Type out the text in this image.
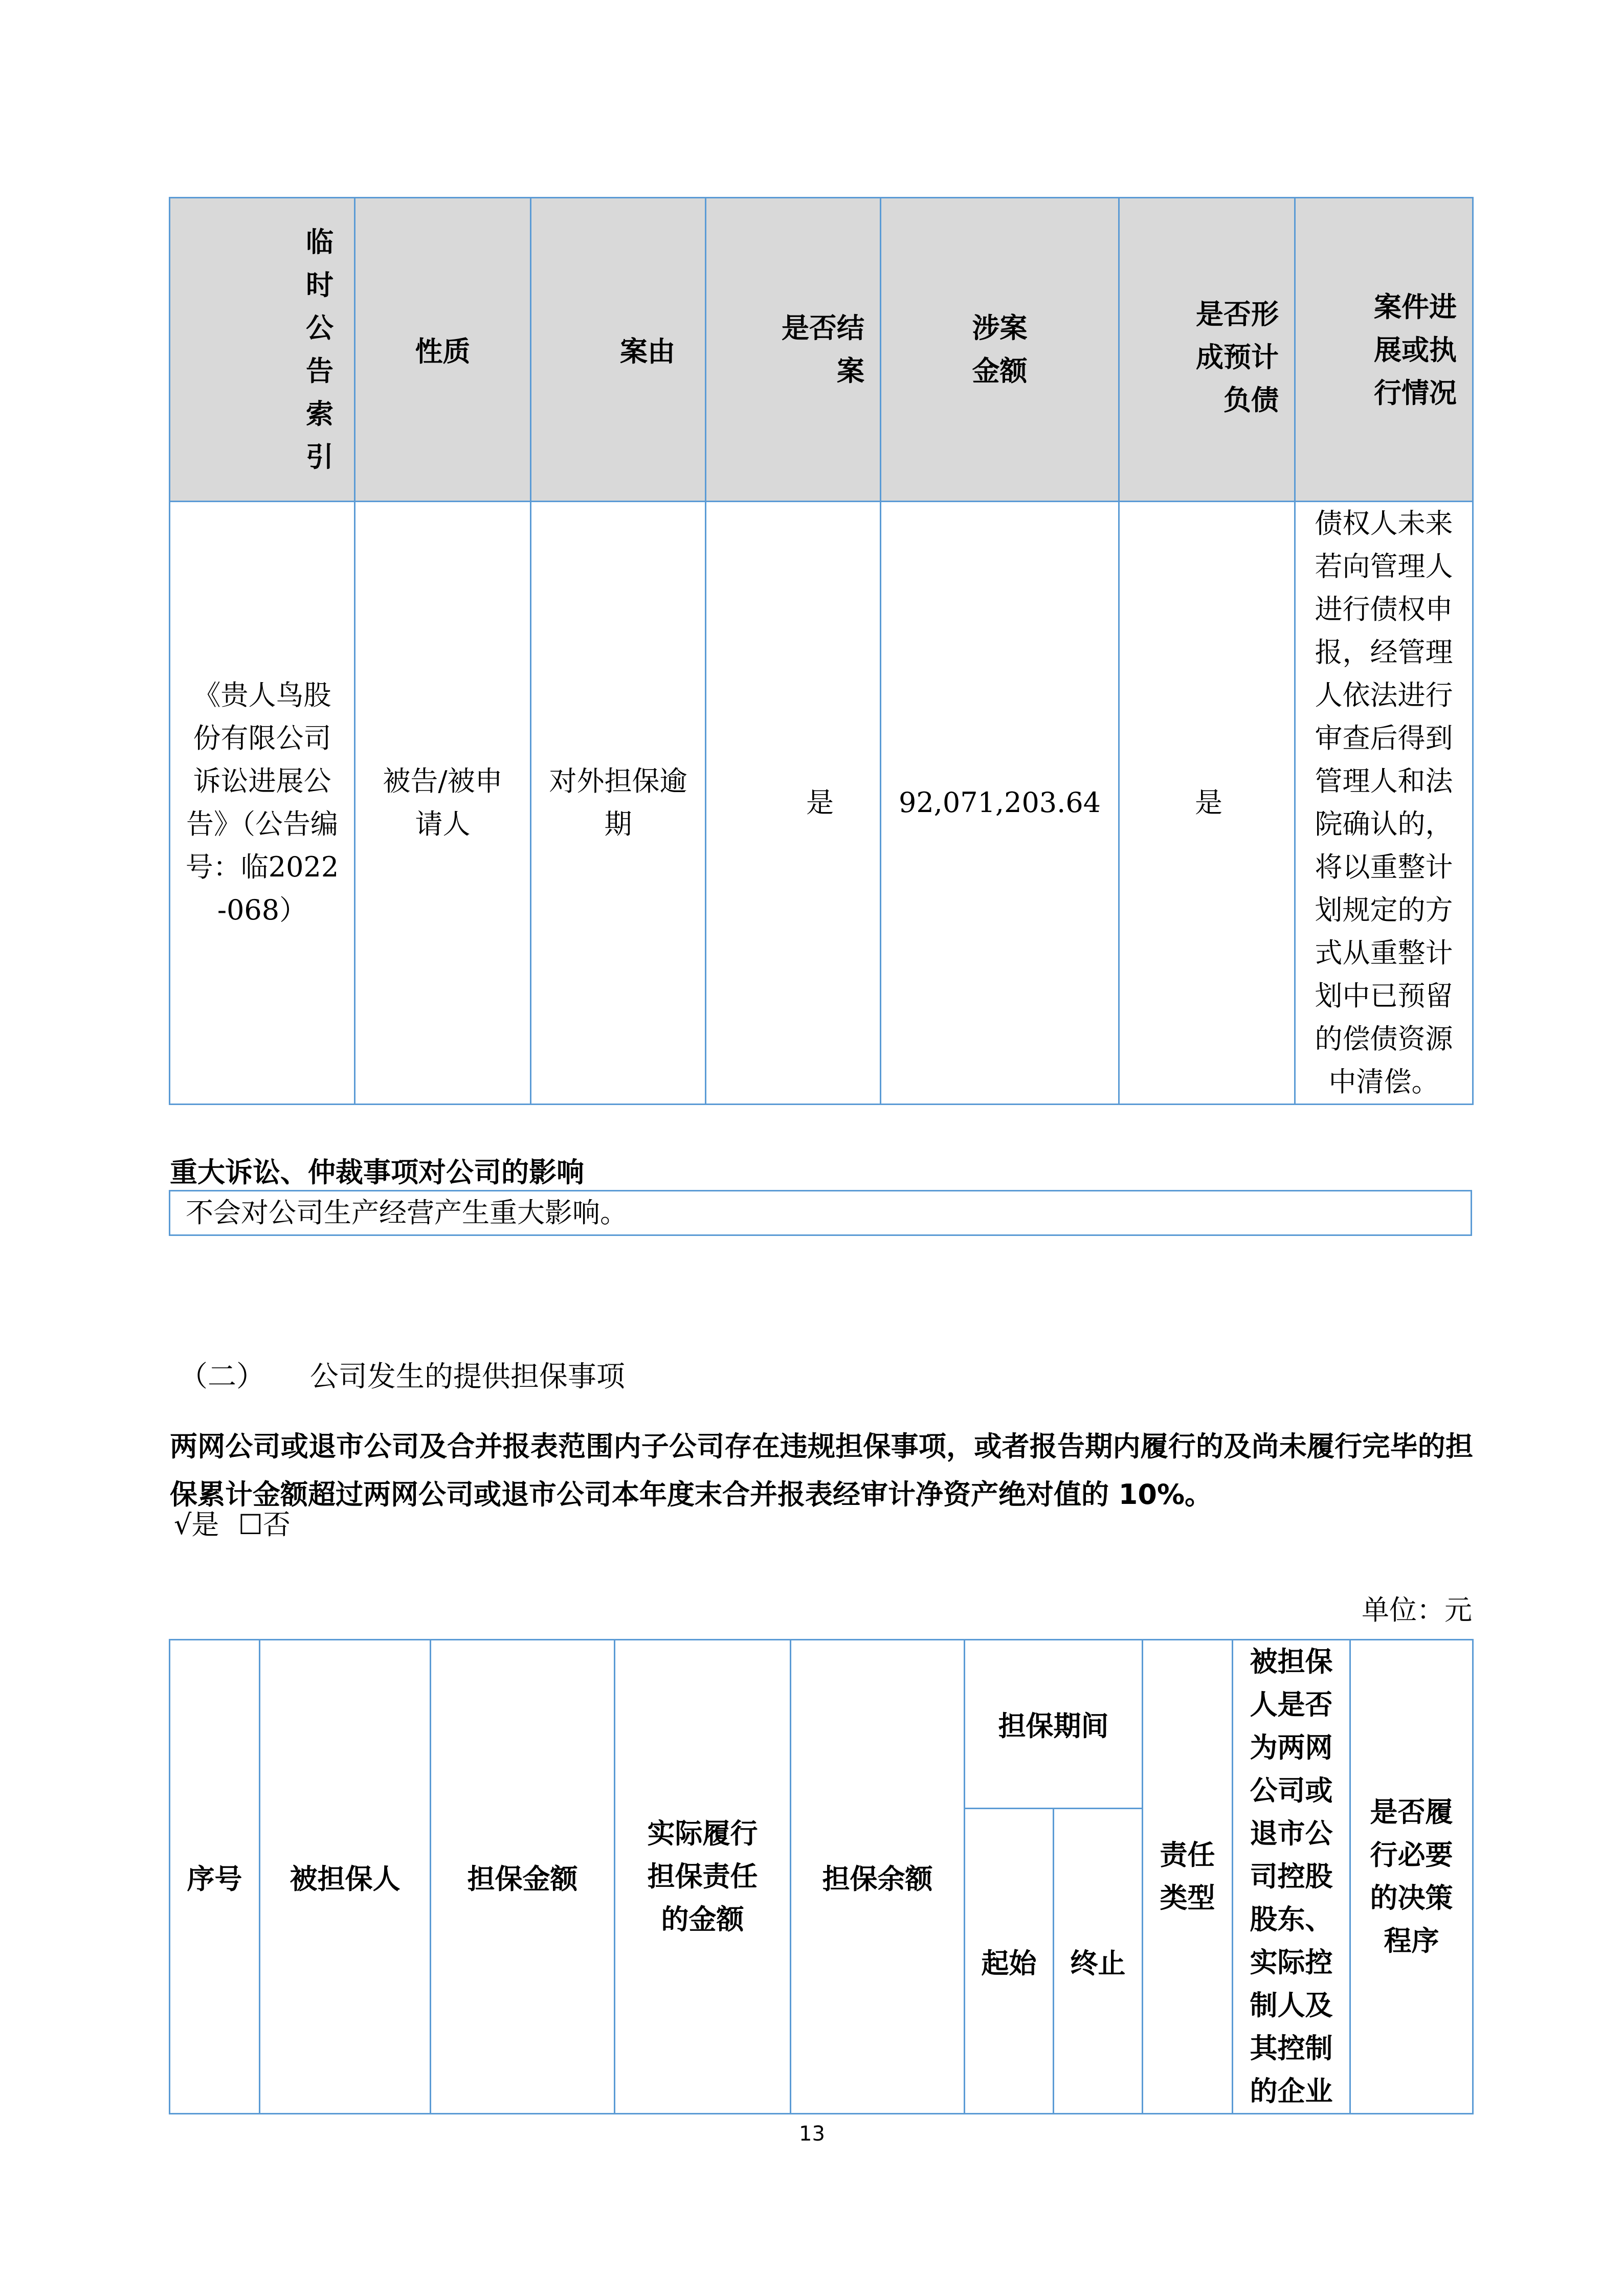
临时公告索引	性质	案由	是否结案	涉案金额	是否形成预计负债	案件进展或执行情况

《贵人鸟股份有限公司诉讼进展公告》（公告编号：临2022-068）	被告/被申请人	对外担保逾期	是	92,071,203.64	是	债权人未来若向管理人进行债权申报，经管理人依法进行审查后得到管理人和法院确认的，将以重整计划规定的方式从重整计划中已预留的偿债资源中清偿。
重大诉讼、仲裁事项对公司的影响
不会对公司生产经营产生重大影响。
（二） 公司发生的提供担保事项
两网公司或退市公司及合并报表范围内子公司存在违规担保事项，或者报告期内履行的及尚未履行完毕的担保累计金额超过两网公司或退市公司本年度末合并报表经审计净资产绝对值的 10%。
√是 ☐否
单位：元
序号	被担保人	担保金额	实际履行担保责任的金额	担保余额	担保期间		责任类型	被担保人是否为两网公司或退市公司控股股东、实际控制人及其控制的企业	是否履行必要的决策程序

					起始	终止			
13
